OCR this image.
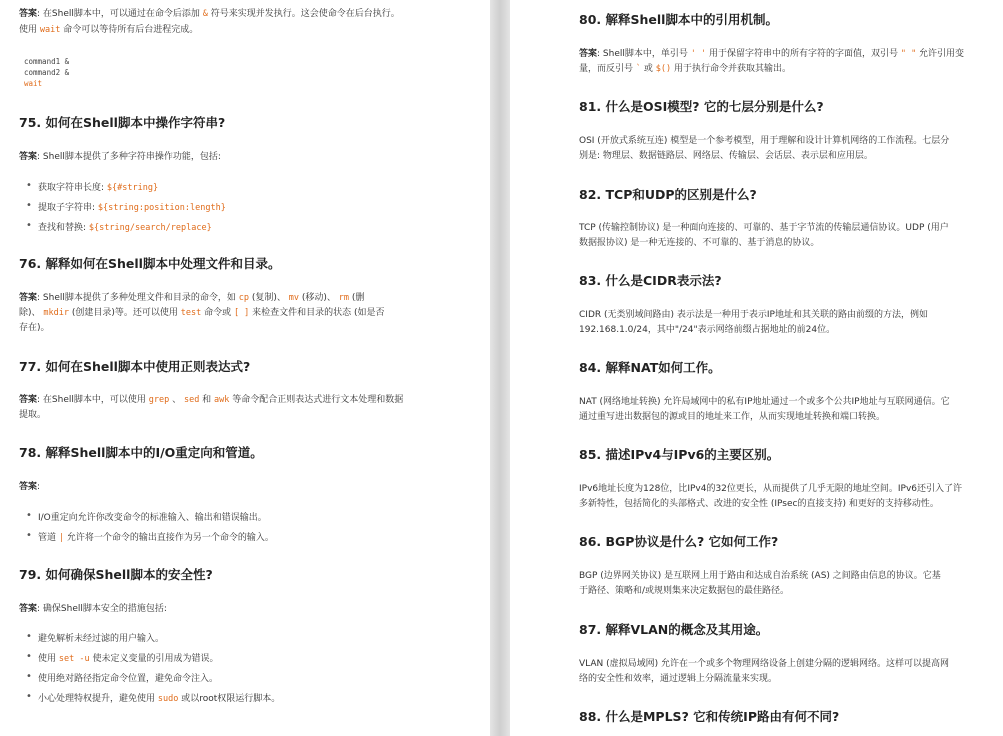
答案: 在Shell脚本中，可以通过在命令后添加 & 符号来实现并发执行。这会使命令在后台执行。
使用 wait 命令可以等待所有后台进程完成。
command1 &
command2 &
wait
75. 如何在Shell脚本中操作字符串?
答案: Shell脚本提供了多种字符串操作功能，包括:
• 获取字符串长度: ${#string}
• 提取子字符串: ${string:position:length}
• 查找和替换: ${string/search/replace}
76. 解释如何在Shell脚本中处理文件和目录。
答案: Shell脚本提供了多种处理文件和目录的命令，如 cp (复制)、 mv (移动)、 rm (删
除)、 mkdir (创建目录)等。还可以使用 test 命令或 [ ] 来检查文件和目录的状态 (如是否
存在)。
77. 如何在Shell脚本中使用正则表达式?
答案: 在Shell脚本中，可以使用 grep 、 sed 和 awk 等命令配合正则表达式进行文本处理和数据
提取。
78. 解释Shell脚本中的I/O重定向和管道。
答案:
• I/O重定向允许你改变命令的标准输入、输出和错误输出。
• 管道 | 允许将一个命令的输出直接作为另一个命令的输入。
79. 如何确保Shell脚本的安全性?
答案: 确保Shell脚本安全的措施包括:
• 避免解析未经过滤的用户输入。
• 使用 set -u 使未定义变量的引用成为错误。
• 使用绝对路径指定命令位置，避免命令注入。
• 小心处理特权提升，避免使用 sudo 或以root权限运行脚本。
80. 解释Shell脚本中的引用机制。
答案: Shell脚本中，单引号 ' ' 用于保留字符串中的所有字符的字面值，双引号 " " 允许引用变
量，而反引号 ` 或 $() 用于执行命令并获取其输出。
81. 什么是OSI模型? 它的七层分别是什么?
OSI (开放式系统互连) 模型是一个参考模型，用于理解和设计计算机网络的工作流程。七层分
别是: 物理层、数据链路层、网络层、传输层、会话层、表示层和应用层。
82. TCP和UDP的区别是什么?
TCP (传输控制协议) 是一种面向连接的、可靠的、基于字节流的传输层通信协议。UDP (用户
数据报协议) 是一种无连接的、不可靠的、基于消息的协议。
83. 什么是CIDR表示法?
CIDR (无类别域间路由) 表示法是一种用于表示IP地址和其关联的路由前缀的方法，例如
192.168.1.0/24，其中"/24"表示网络前缀占据地址的前24位。
84. 解释NAT如何工作。
NAT (网络地址转换) 允许局域网中的私有IP地址通过一个或多个公共IP地址与互联网通信。它
通过重写进出数据包的源或目的地址来工作，从而实现地址转换和端口转换。
85. 描述IPv4与IPv6的主要区别。
IPv6地址长度为128位，比IPv4的32位更长，从而提供了几乎无限的地址空间。IPv6还引入了许
多新特性，包括简化的头部格式、改进的安全性 (IPsec的直接支持) 和更好的支持移动性。
86. BGP协议是什么? 它如何工作?
BGP (边界网关协议) 是互联网上用于路由和达成自治系统 (AS) 之间路由信息的协议。它基
于路径、策略和/或规则集来决定数据包的最佳路径。
87. 解释VLAN的概念及其用途。
VLAN (虚拟局域网) 允许在一个或多个物理网络设备上创建分隔的逻辑网络。这样可以提高网
络的安全性和效率，通过逻辑上分隔流量来实现。
88. 什么是MPLS? 它和传统IP路由有何不同?
